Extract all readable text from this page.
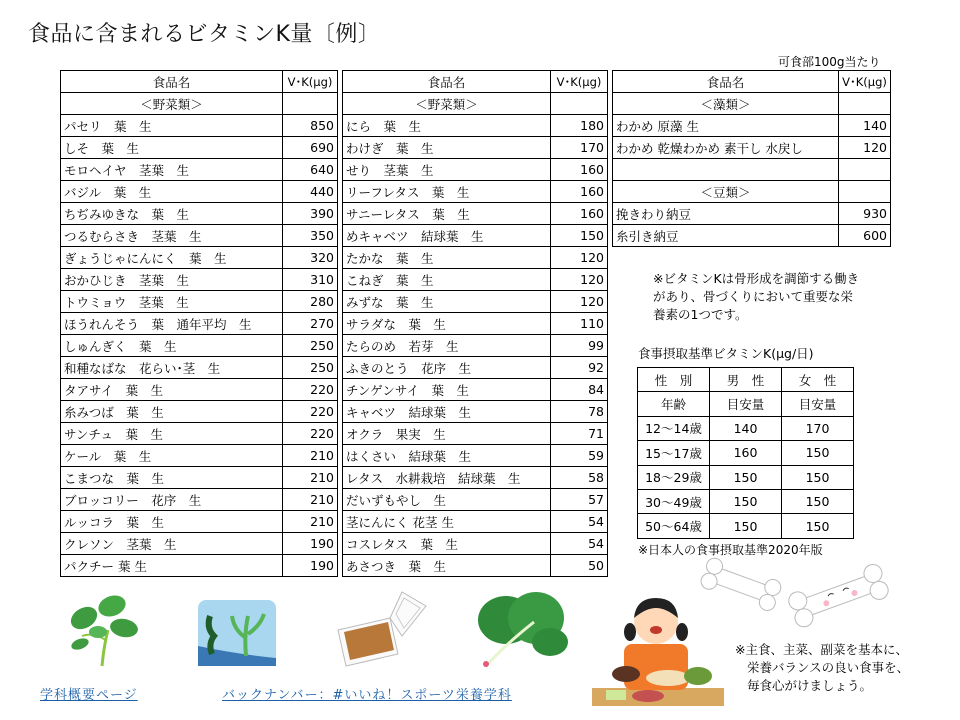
食品に含まれるビタミンK量〔例〕
可食部100g当たり
食品名	V･K(μg)
＜野菜類＞	
パセリ　葉　生	850
しそ　葉　生	690
モロヘイヤ　茎葉　生	640
バジル　葉　生	440
ちぢみゆきな　葉　生	390
つるむらさき　茎葉　生	350
ぎょうじゃにんにく　葉　生	320
おかひじき　茎葉　生	310
トウミョウ　茎葉　生	280
ほうれんそう　葉　通年平均　生	270
しゅんぎく　葉　生	250
和種なばな　花らい･茎　生	250
タアサイ　葉　生	220
糸みつば　葉　生	220
サンチュ　葉　生	220
ケール　葉　生	210
こまつな　葉　生	210
ブロッコリー　花序　生	210
ルッコラ　葉　生	210
クレソン　茎葉　生	190
パクチー 葉 生	190
食品名	V･K(μg)
＜野菜類＞	
にら　葉　生	180
わけぎ　葉　生	170
せり　茎葉　生	160
リーフレタス　葉　生	160
サニーレタス　葉　生	160
めキャベツ　結球葉　生	150
たかな　葉　生	120
こねぎ　葉　生	120
みずな　葉　生	120
サラダな　葉　生	110
たらのめ　若芽　生	99
ふきのとう　花序　生	92
チンゲンサイ　葉　生	84
キャベツ　結球葉　生	78
オクラ　果実　生	71
はくさい　結球葉　生	59
レタス　水耕栽培　結球葉　生	58
だいずもやし　生	57
茎にんにく 花茎 生	54
コスレタス　葉　生	54
あさつき　葉　生	50
食品名	V･K(μg)
＜藻類＞	
わかめ 原藻 生	140
わかめ 乾燥わかめ 素干し 水戻し	120

＜豆類＞	
挽きわり納豆	930
糸引き納豆	600
※ビタミンKは骨形成を調節する働きがあり、骨づくりにおいて重要な栄養素の1つです。
食事摂取基準ビタミンK(μg/日)
性　別	男　性	女　性
年齢	目安量	目安量
12～14歳	140	170
15～17歳	160	150
18～29歳	150	150
30～49歳	150	150
50～64歳	150	150
※日本人の食事摂取基準2020年版
※主食、主菜、副菜を基本に、
栄養バランスの良い食事を、
毎食心がけましょう。
学科概要ページ	バックナンバー：#いいね！スポーツ栄養学科
